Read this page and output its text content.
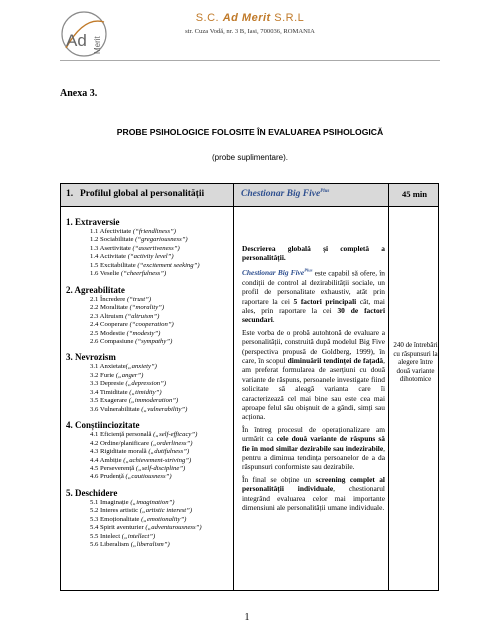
Ad Merit
S.C. Ad Merit S.R.L
str. Cuza Vodă, nr. 3 B, Iasi, 700036, ROMANIA
Anexa 3.
PROBE PSIHOLOGICE FOLOSITE ÎN EVALUAREA PSIHOLOGICĂ
(probe suplimentare).
1. Profilul global al personalității	Chestionar Big Five$^{Plus}$	45 min
1. Extraversie
1.1 Afectivitate (“friendliness”)
1.2 Sociabilitate (“gregariousness”)
1.3 Asertivitate (“assertiveness”)
1.4 Activitate (“activity level”)
1.5 Excitabilitate (“excitement seeking”)
1.6 Veselie (“cheerfulness”)
2. Agreabilitate
2.1 Încredere (“trust”)
2.2 Moralitate (“morality”)
2.3 Altruism (“altruism”)
2.4 Cooperare (“cooperation”)
2.5 Modestie (“modesty”)
2.6 Compasiune (“sympathy”)
3. Nevrozism
3.1 Anxietate(„anxiety”)
3.2 Furie („anger”)
3.3 Depresie („depression”)
3.4 Timiditate („timidity”)
3.5 Exagerare („immoderation”)
3.6 Vulnerabilitate („vulnerability”)
4. Conștiinciozitate
4.1 Eficiență personală („self-efficacy”)
4.2 Ordine/planificare („orderliness”)
4.3 Rigiditate morală („dutifulness”)
4.4 Ambiție („achievement-striving”)
4.5 Perseverență („self-discipline”)
4.6 Prudență („cautiousness”)
5. Deschidere
5.1 Imaginație („imagination”)
5.2 Interes artistic („artistic interest”)
5.3 Emoționalitate („emotionality”)
5.4 Spirit aventurier („adventurousness”)
5.5 Intelect („intellect”)
5.6 Liberalism („liberalism”)

Descrierea globală și completă a personalității.

Chestionar Big Five$^{Plus}$ este capabil să ofere, în condiții de control al dezirabilității sociale, un profil de personalitate exhaustiv, atât prin raportare la cei 5 factori principali cât, mai ales, prin raportare la cei 30 de factori secundari.

Este vorba de o probă autohtonă de evaluare a personalității, construită după modelul Big Five (perspectiva propusă de Goldberg, 1999), în care, în scopul diminuării tendinței de fațadă, am preferat formularea de aserțiuni cu două variante de răspuns, persoanele investigate fiind solicitate să aleagă varianta care îi caracterizează cel mai bine sau este cea mai aproape felul său obișnuit de a gândi, simți sau acționa.

În întreg procesul de operaționalizare am urmărit ca cele două variante de răspuns să fie în mod similar dezirabile sau indezirabile, pentru a diminua tendința persoanelor de a da răspunsuri conformiste sau dezirabile.

În final se obține un screening complet al personalității individuale, chestionarul integrând evaluarea celor mai importante dimensiuni ale personalității umane individuale.

240 de întrebări cu răspunsuri la alegere între două variante dihotomice
1
